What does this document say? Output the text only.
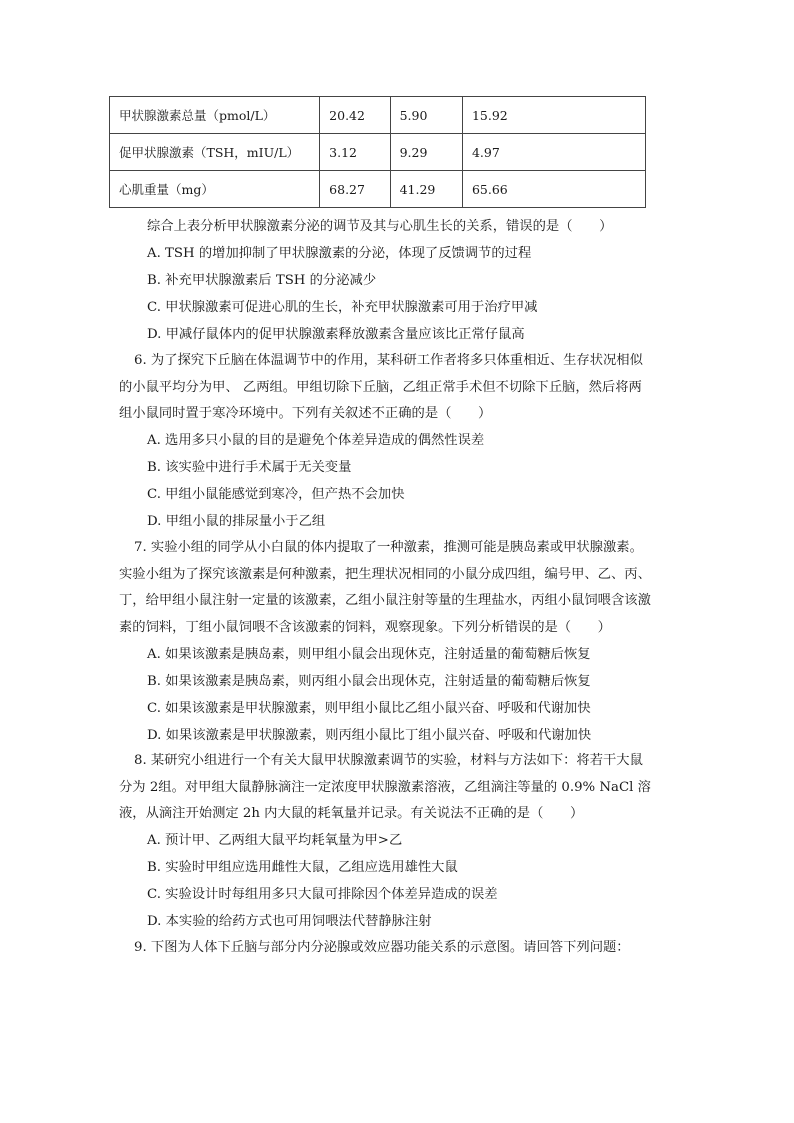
甲状腺激素总量（pmol/L）	20.42	5.90	15.92
促甲状腺激素（TSH，mIU/L）	3.12	9.29	4.97
心肌重量（mg）	68.27	41.29	65.66
综合上表分析甲状腺激素分泌的调节及其与心肌生长的关系，错误的是（　　）
A. TSH 的增加抑制了甲状腺激素的分泌，体现了反馈调节的过程
B. 补充甲状腺激素后 TSH 的分泌减少
C. 甲状腺激素可促进心肌的生长，补充甲状腺激素可用于治疗甲减
D. 甲减仔鼠体内的促甲状腺激素释放激素含量应该比正常仔鼠高
6. 为了探究下丘脑在体温调节中的作用，某科研工作者将多只体重相近、生存状况相似
的小鼠平均分为甲、 乙两组。甲组切除下丘脑，乙组正常手术但不切除下丘脑，然后将两
组小鼠同时置于寒冷环境中。下列有关叙述不正确的是（　　）
A. 选用多只小鼠的目的是避免个体差异造成的偶然性误差
B. 该实验中进行手术属于无关变量
C. 甲组小鼠能感觉到寒冷，但产热不会加快
D. 甲组小鼠的排尿量小于乙组
7. 实验小组的同学从小白鼠的体内提取了一种激素，推测可能是胰岛素或甲状腺激素。
实验小组为了探究该激素是何种激素，把生理状况相同的小鼠分成四组，编号甲、乙、丙、
丁，给甲组小鼠注射一定量的该激素，乙组小鼠注射等量的生理盐水，丙组小鼠饲喂含该激
素的饲料，丁组小鼠饲喂不含该激素的饲料，观察现象。下列分析错误的是（　　）
A. 如果该激素是胰岛素，则甲组小鼠会出现休克，注射适量的葡萄糖后恢复
B. 如果该激素是胰岛素，则丙组小鼠会出现休克，注射适量的葡萄糖后恢复
C. 如果该激素是甲状腺激素，则甲组小鼠比乙组小鼠兴奋、呼吸和代谢加快
D. 如果该激素是甲状腺激素，则丙组小鼠比丁组小鼠兴奋、呼吸和代谢加快
8. 某研究小组进行一个有关大鼠甲状腺激素调节的实验，材料与方法如下：将若干大鼠
分为 2组。对甲组大鼠静脉滴注一定浓度甲状腺激素溶液，乙组滴注等量的 0.9% NaCl 溶
液，从滴注开始测定 2h 内大鼠的耗氧量并记录。有关说法不正确的是（　　）
A. 预计甲、乙两组大鼠平均耗氧量为甲>乙
B. 实验时甲组应选用雌性大鼠，乙组应选用雄性大鼠
C. 实验设计时每组用多只大鼠可排除因个体差异造成的误差
D. 本实验的给药方式也可用饲喂法代替静脉注射
9. 下图为人体下丘脑与部分内分泌腺或效应器功能关系的示意图。请回答下列问题：
